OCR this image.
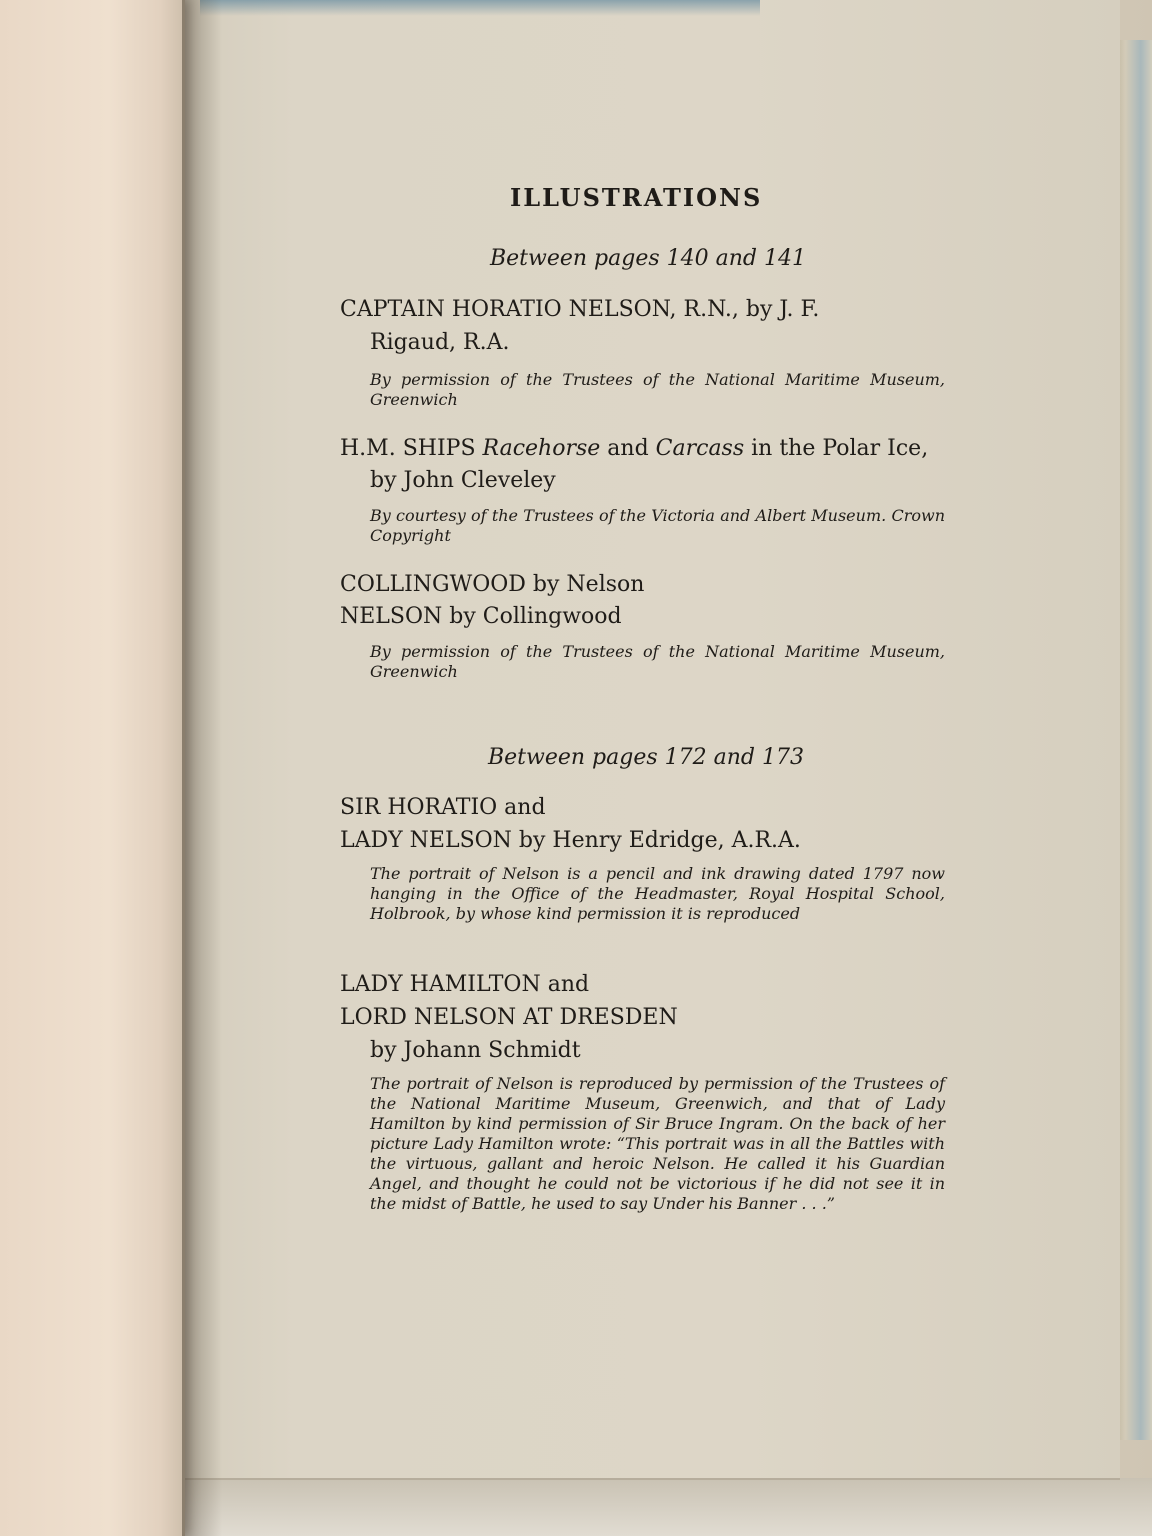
ILLUSTRATIONS
Between pages 140 and 141
CAPTAIN HORATIO NELSON, R.N., by J. F.
Rigaud, R.A.
By permission of the Trustees of the National Maritime Museum, Greenwich
H.M. SHIPS Racehorse and Carcass in the Polar Ice,
by John Cleveley
By courtesy of the Trustees of the Victoria and Albert Museum. Crown Copyright
COLLINGWOOD by Nelson
NELSON by Collingwood
By permission of the Trustees of the National Maritime Museum, Greenwich
Between pages 172 and 173
SIR HORATIO and
LADY NELSON by Henry Edridge, A.R.A.
The portrait of Nelson is a pencil and ink drawing dated 1797 now hanging in the Office of the Headmaster, Royal Hospital School, Holbrook, by whose kind permission it is reproduced
LADY HAMILTON and
LORD NELSON AT DRESDEN
by Johann Schmidt
The portrait of Nelson is reproduced by permission of the Trustees of the National Maritime Museum, Greenwich, and that of Lady Hamilton by kind permission of Sir Bruce Ingram. On the back of her picture Lady Hamilton wrote: “This portrait was in all the Battles with the virtuous, gallant and heroic Nelson. He called it his Guardian Angel, and thought he could not be victorious if he did not see it in the midst of Battle, he used to say Under his Banner . . .”
